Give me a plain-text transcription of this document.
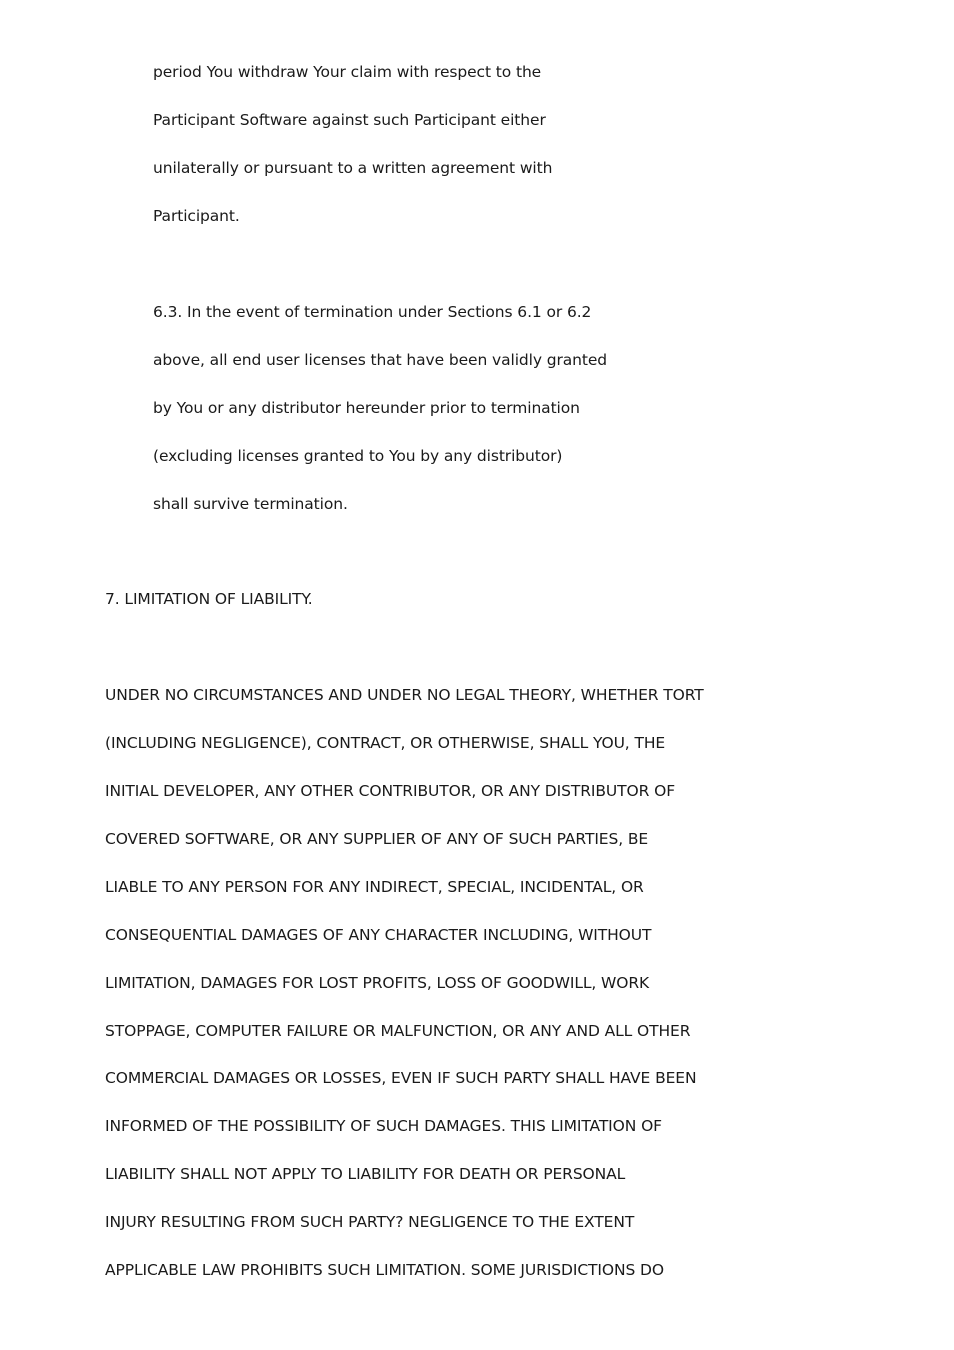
period You withdraw Your claim with respect to the
Participant Software against such Participant either
unilaterally or pursuant to a written agreement with
Participant.
6.3. In the event of termination under Sections 6.1 or 6.2
above, all end user licenses that have been validly granted
by You or any distributor hereunder prior to termination
(excluding licenses granted to You by any distributor)
shall survive termination.
7. LIMITATION OF LIABILITY.
UNDER NO CIRCUMSTANCES AND UNDER NO LEGAL THEORY, WHETHER TORT
(INCLUDING NEGLIGENCE), CONTRACT, OR OTHERWISE, SHALL YOU, THE
INITIAL DEVELOPER, ANY OTHER CONTRIBUTOR, OR ANY DISTRIBUTOR OF
COVERED SOFTWARE, OR ANY SUPPLIER OF ANY OF SUCH PARTIES, BE
LIABLE TO ANY PERSON FOR ANY INDIRECT, SPECIAL, INCIDENTAL, OR
CONSEQUENTIAL DAMAGES OF ANY CHARACTER INCLUDING, WITHOUT
LIMITATION, DAMAGES FOR LOST PROFITS, LOSS OF GOODWILL, WORK
STOPPAGE, COMPUTER FAILURE OR MALFUNCTION, OR ANY AND ALL OTHER
COMMERCIAL DAMAGES OR LOSSES, EVEN IF SUCH PARTY SHALL HAVE BEEN
INFORMED OF THE POSSIBILITY OF SUCH DAMAGES. THIS LIMITATION OF
LIABILITY SHALL NOT APPLY TO LIABILITY FOR DEATH OR PERSONAL
INJURY RESULTING FROM SUCH PARTY? NEGLIGENCE TO THE EXTENT
APPLICABLE LAW PROHIBITS SUCH LIMITATION. SOME JURISDICTIONS DO
